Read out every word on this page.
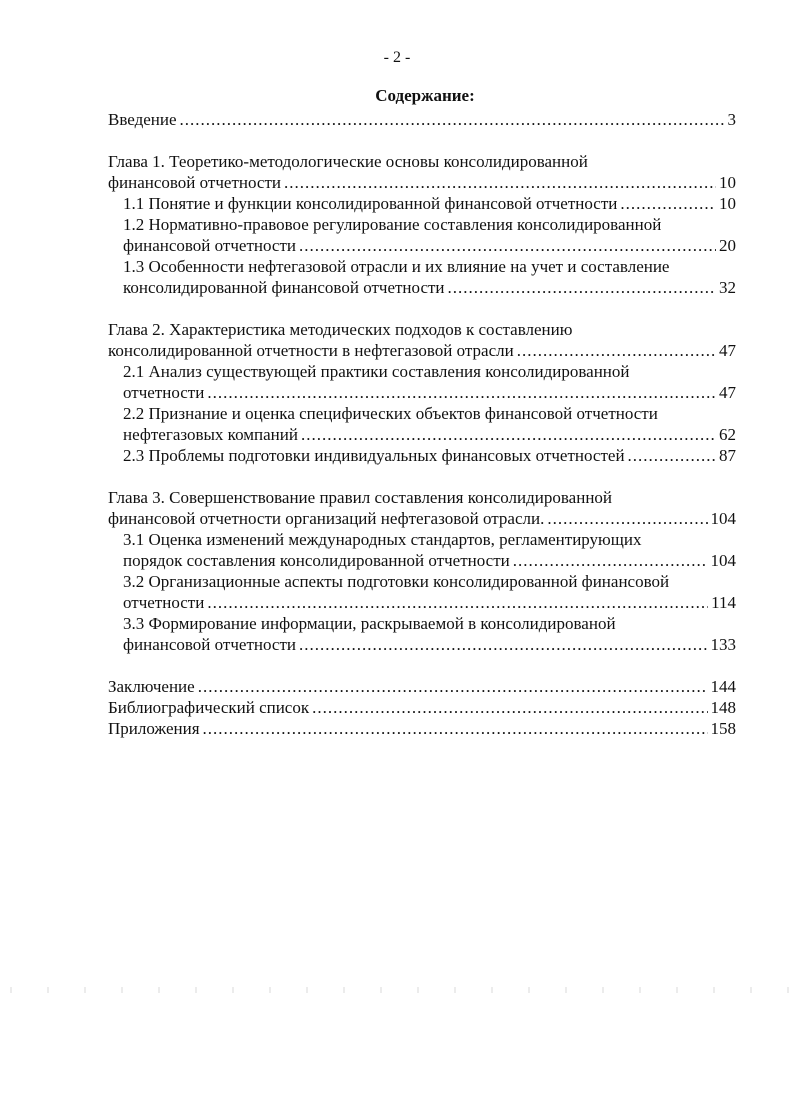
- 2 -
Содержание:
Введение .....	3
Глава 1. Теоретико-методологические основы консолидированной
финансовой отчетности .....	10
1.1 Понятие и функции консолидированной финансовой отчетности .....	10
1.2 Нормативно-правовое регулирование составления консолидированной
финансовой отчетности .....	20
1.3 Особенности нефтегазовой отрасли и их влияние на учет и составление
консолидированной финансовой отчетности .....	32
Глава 2. Характеристика методических подходов к составлению
консолидированной отчетности в нефтегазовой отрасли .....	47
2.1 Анализ существующей практики составления консолидированной
отчетности .....	47
2.2 Признание и оценка специфических объектов финансовой отчетности
нефтегазовых компаний .....	62
2.3 Проблемы подготовки индивидуальных финансовых отчетностей .....	87
Глава 3. Совершенствование правил составления консолидированной
финансовой отчетности организаций нефтегазовой отрасли. .....	104
3.1 Оценка изменений международных стандартов, регламентирующих
порядок составления консолидированной отчетности .....	104
3.2 Организационные аспекты подготовки консолидированной финансовой
отчетности .....	114
3.3 Формирование информации, раскрываемой в консолидированой
финансовой отчетности .....	133
Заключение .....	144
Библиографический список .....	148
Приложения .....	158
